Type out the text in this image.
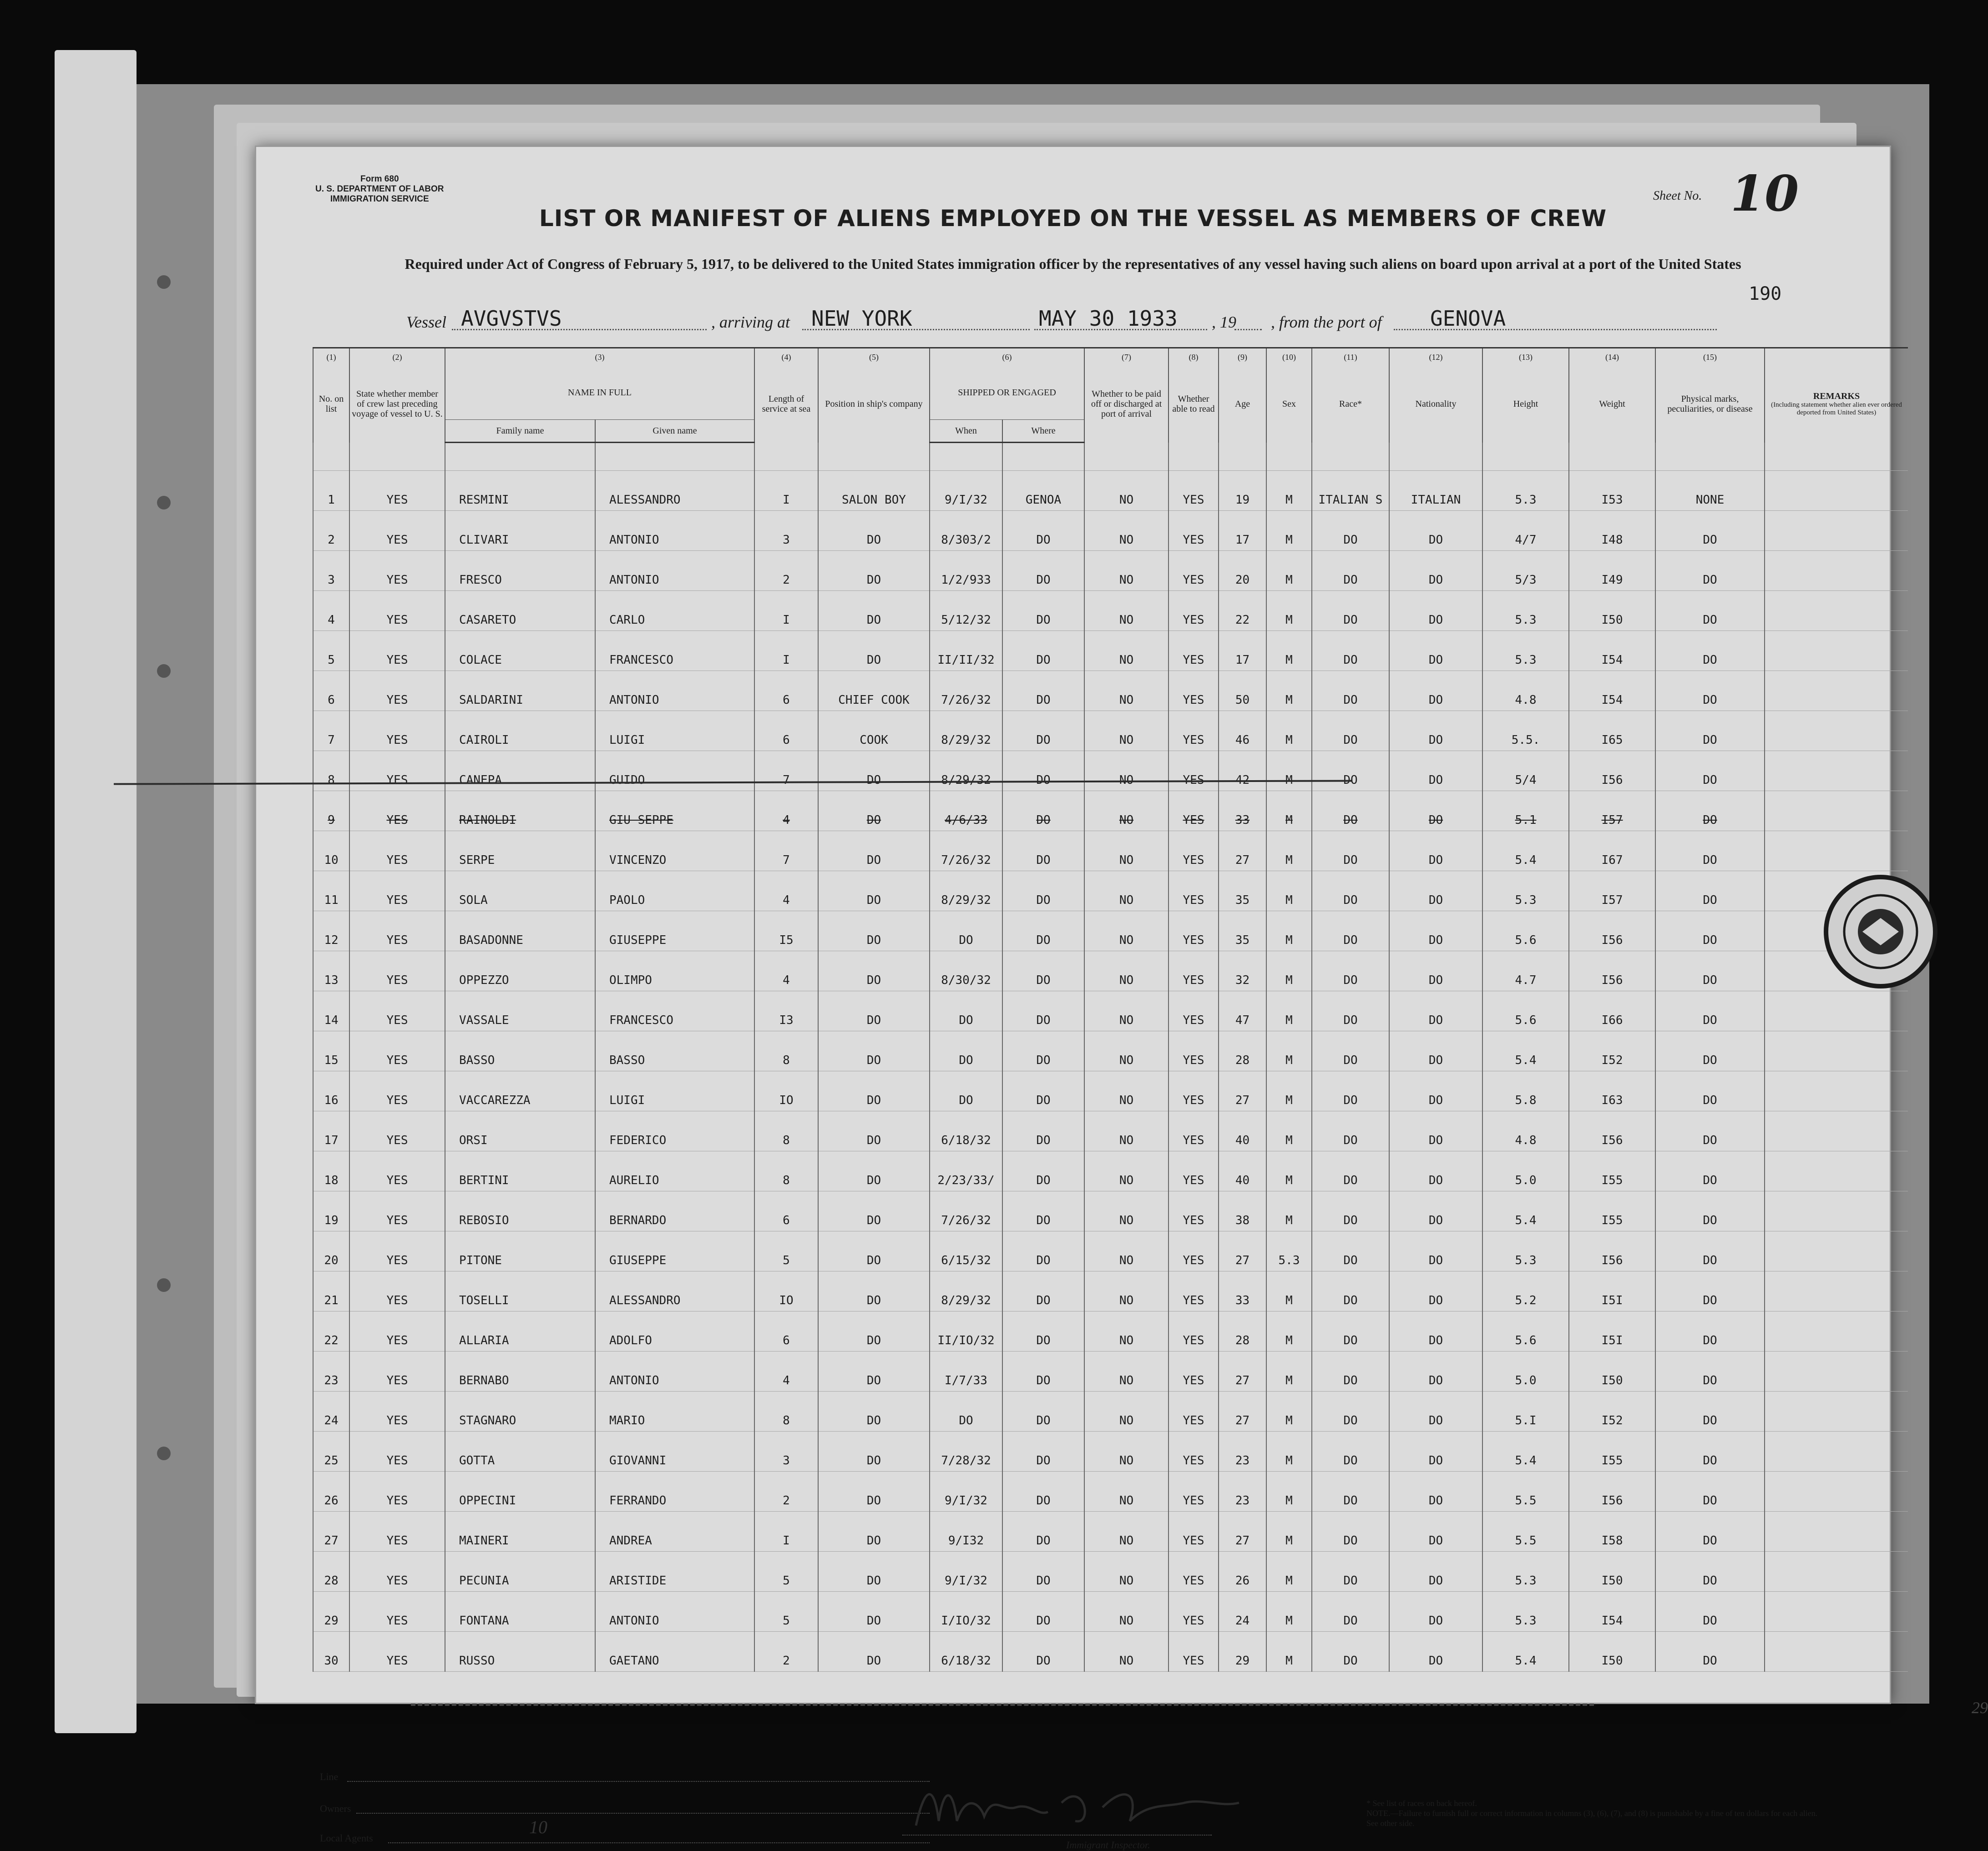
Form 680
U. S. DEPARTMENT OF LABOR
IMMIGRATION SERVICE	Sheet No. 10
LIST OR MANIFEST OF ALIENS EMPLOYED ON THE VESSEL AS MEMBERS OF CREW
Required under Act of Congress of February 5, 1917, to be delivered to the United States immigration officer by the representatives of any vessel having such aliens on board upon arrival at a port of the United States
190
Vessel AVGVSTVS	, arriving at NEW YORK	MAY 30 1933 , 19 , from the port of GENOVA
(1)	(2)	(3)		(4)	(5)	(6)		(7)	(8)	(9)	(10)	(11)	(12)	(13)	(14)	(15)	
No. on list	State whether member of crew last preceding voyage of vessel to U. S.	NAME IN FULL		Length of service at sea	Position in ship's company	SHIPPED OR ENGAGED		Whether to be paid off or discharged at port of arrival	Whether able to read	Age	Sex	Race*	Nationality	Height	Weight	Physical marks, peculiarities, or disease	REMARKS
(Including statement whether alien ever ordered deported from United States)

		Family name	Given name			When	Where										

1	YES	RESMINI	ALESSANDRO	I	SALON BOY	9/I/32	GENOA	NO	YES	19	M	ITALIAN S	ITALIAN	5.3	I53	NONE	
2	YES	CLIVARI	ANTONIO	3	DO	8/303/2	DO	NO	YES	17	M	DO	DO	4/7	I48	DO	
3	YES	FRESCO	ANTONIO	2	DO	1/2/933	DO	NO	YES	20	M	DO	DO	5/3	I49	DO	
4	YES	CASARETO	CARLO	I	DO	5/12/32	DO	NO	YES	22	M	DO	DO	5.3	I50	DO	
5	YES	COLACE	FRANCESCO	I	DO	II/II/32	DO	NO	YES	17	M	DO	DO	5.3	I54	DO	
6	YES	SALDARINI	ANTONIO	6	CHIEF COOK	7/26/32	DO	NO	YES	50	M	DO	DO	4.8	I54	DO	
7	YES	CAIROLI	LUIGI	6	COOK	8/29/32	DO	NO	YES	46	M	DO	DO	5.5.	I65	DO	
8	YES	CANEPA	GUIDO	7	DO	8/29/32	DO	NO	YES	42	M	DO	DO	5/4	I56	DO	
9	YES	RAINOLDI	GIU SEPPE	4	DO	4/6/33	DO	NO	YES	33	M	DO	DO	5.1	I57	DO	
10	YES	SERPE	VINCENZO	7	DO	7/26/32	DO	NO	YES	27	M	DO	DO	5.4	I67	DO	
11	YES	SOLA	PAOLO	4	DO	8/29/32	DO	NO	YES	35	M	DO	DO	5.3	I57	DO	
12	YES	BASADONNE	GIUSEPPE	I5	DO	DO	DO	NO	YES	35	M	DO	DO	5.6	I56	DO	
13	YES	OPPEZZO	OLIMPO	4	DO	8/30/32	DO	NO	YES	32	M	DO	DO	4.7	I56	DO	
14	YES	VASSALE	FRANCESCO	I3	DO	DO	DO	NO	YES	47	M	DO	DO	5.6	I66	DO	
15	YES	BASSO	BASSO	8	DO	DO	DO	NO	YES	28	M	DO	DO	5.4	I52	DO	
16	YES	VACCAREZZA	LUIGI	IO	DO	DO	DO	NO	YES	27	M	DO	DO	5.8	I63	DO	
17	YES	ORSI	FEDERICO	8	DO	6/18/32	DO	NO	YES	40	M	DO	DO	4.8	I56	DO	
18	YES	BERTINI	AURELIO	8	DO	2/23/33/	DO	NO	YES	40	M	DO	DO	5.0	I55	DO	
19	YES	REBOSIO	BERNARDO	6	DO	7/26/32	DO	NO	YES	38	M	DO	DO	5.4	I55	DO	
20	YES	PITONE	GIUSEPPE	5	DO	6/15/32	DO	NO	YES	27	5.3	DO	DO	5.3	I56	DO	
21	YES	TOSELLI	ALESSANDRO	IO	DO	8/29/32	DO	NO	YES	33	M	DO	DO	5.2	I5I	DO	
22	YES	ALLARIA	ADOLFO	6	DO	II/IO/32	DO	NO	YES	28	M	DO	DO	5.6	I5I	DO	
23	YES	BERNABO	ANTONIO	4	DO	I/7/33	DO	NO	YES	27	M	DO	DO	5.0	I50	DO	
24	YES	STAGNARO	MARIO	8	DO	DO	DO	NO	YES	27	M	DO	DO	5.I	I52	DO	
25	YES	GOTTA	GIOVANNI	3	DO	7/28/32	DO	NO	YES	23	M	DO	DO	5.4	I55	DO	
26	YES	OPPECINI	FERRANDO	2	DO	9/I/32	DO	NO	YES	23	M	DO	DO	5.5	I56	DO	
27	YES	MAINERI	ANDREA	I	DO	9/I32	DO	NO	YES	27	M	DO	DO	5.5	I58	DO	
28	YES	PECUNIA	ARISTIDE	5	DO	9/I/32	DO	NO	YES	26	M	DO	DO	5.3	I50	DO	
29	YES	FONTANA	ANTONIO	5	DO	I/IO/32	DO	NO	YES	24	M	DO	DO	5.3	I54	DO	
30	YES	RUSSO	GAETANO	2	DO	6/18/32	DO	NO	YES	29	M	DO	DO	5.4	I50	DO	
29
Line
Owners
Local Agents
Immigrant Inspector.
* See list of races on back hereof.
NOTE.—Failure to furnish full or correct information in columns (3), (6), (7), and (8) is punishable by a fine of ten dollars for each alien. See other side.
10
